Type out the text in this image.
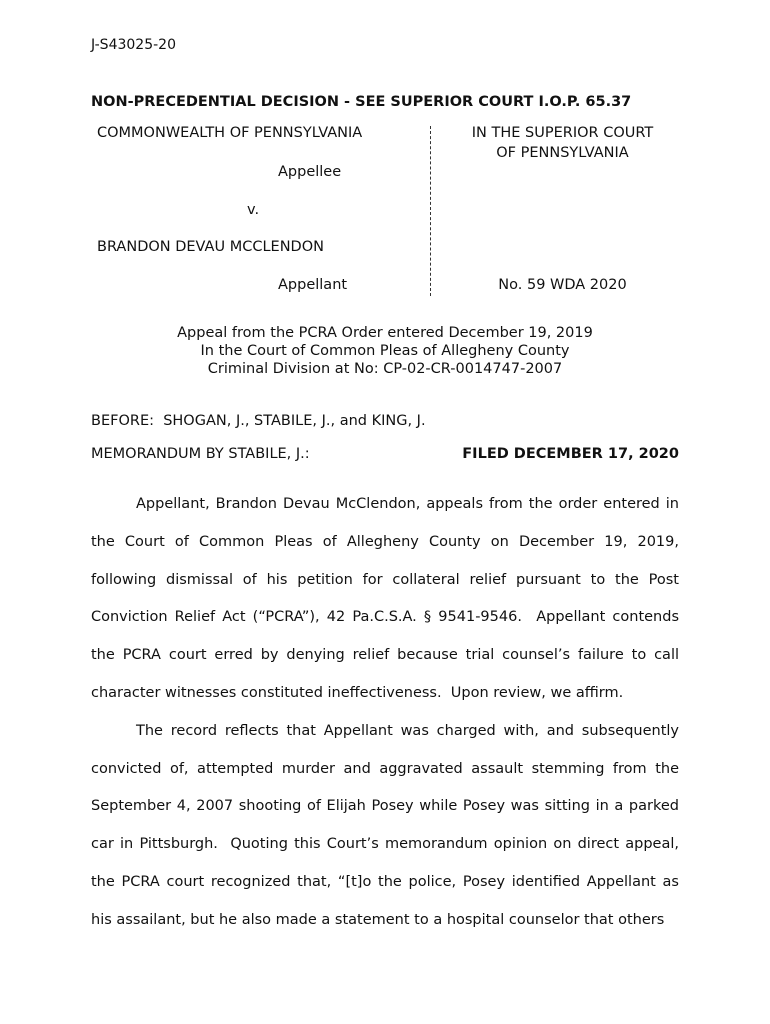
J-S43025-20
NON-PRECEDENTIAL DECISION - SEE SUPERIOR COURT I.O.P. 65.37
COMMONWEALTH OF PENNSYLVANIA
Appellee
v.
BRANDON DEVAU MCCLENDON
Appellant
IN THE SUPERIOR COURT
OF PENNSYLVANIA
No. 59 WDA 2020
Appeal from the PCRA Order entered December 19, 2019
In the Court of Common Pleas of Allegheny County
Criminal Division at No: CP-02-CR-0014747-2007
BEFORE:  SHOGAN, J., STABILE, J., and KING, J.
MEMORANDUM BY STABILE, J.:	FILED DECEMBER 17, 2020

Appellant, Brandon Devau McClendon, appeals from the order entered in the Court of Common Pleas of Allegheny County on December 19, 2019, following dismissal of his petition for collateral relief pursuant to the Post Conviction Relief Act (“PCRA”), 42 Pa.C.S.A. § 9541-9546.  Appellant contends the PCRA court erred by denying relief because trial counsel’s failure to call character witnesses constituted ineffectiveness.  Upon review, we affirm.

The record reflects that Appellant was charged with, and subsequently convicted of, attempted murder and aggravated assault stemming from the September 4, 2007 shooting of Elijah Posey while Posey was sitting in a parked car in Pittsburgh.  Quoting this Court’s memorandum opinion on direct appeal, the PCRA court recognized that, “[t]o the police, Posey identified Appellant as his assailant, but he also made a statement to a hospital counselor that others
